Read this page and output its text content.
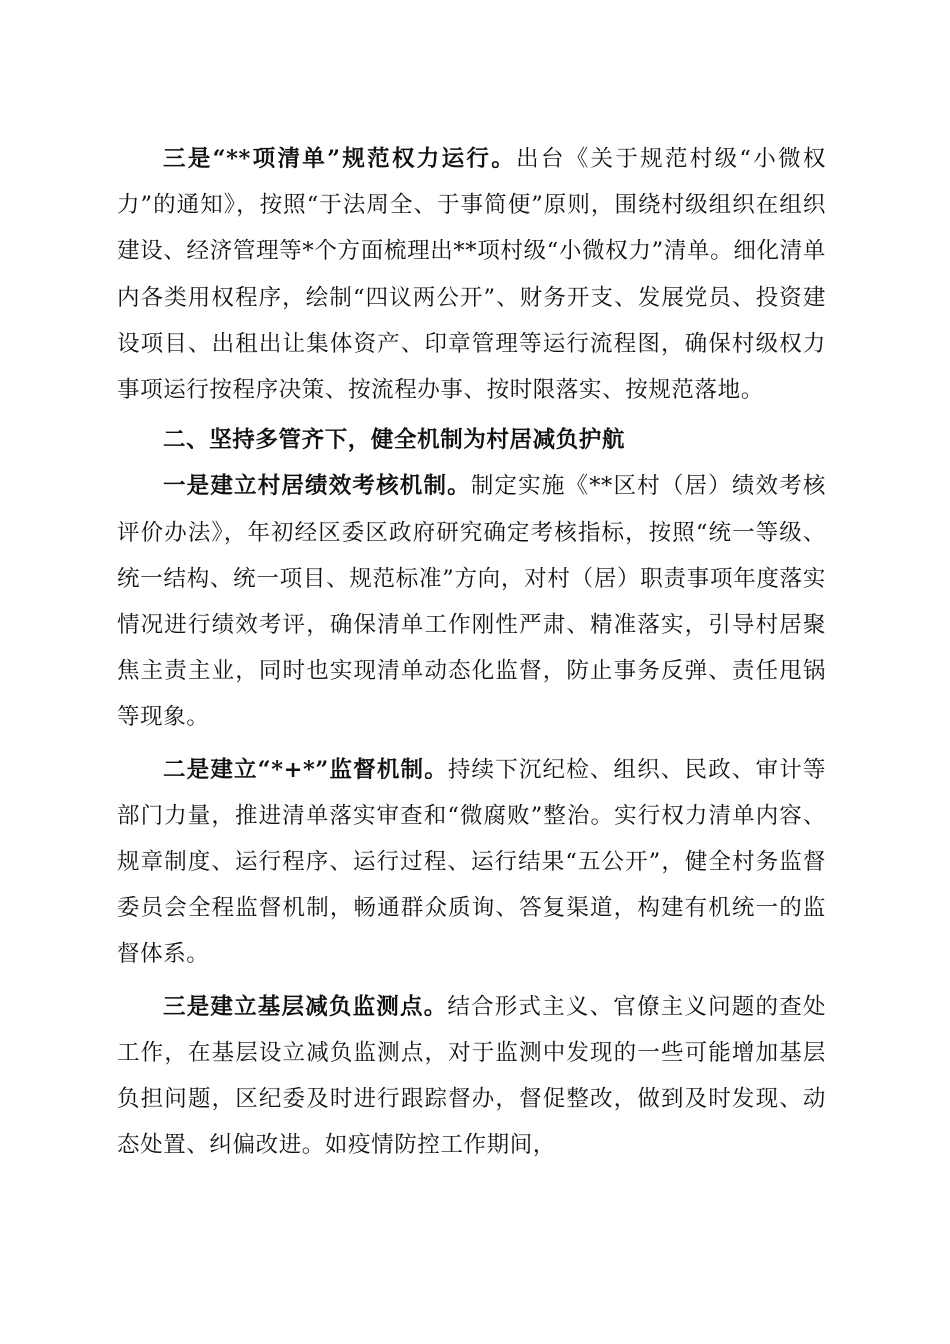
三是“**项清单”规范权力运行。出台《关于规范村级“小微权力”的通知》，按照“于法周全、于事简便”原则，围绕村级组织在组织建设、经济管理等*个方面梳理出**项村级“小微权力”清单。细化清单内各类用权程序，绘制“四议两公开”、财务开支、发展党员、投资建设项目、出租出让集体资产、印章管理等运行流程图，确保村级权力事项运行按程序决策、按流程办事、按时限落实、按规范落地。

二、坚持多管齐下，健全机制为村居减负护航

一是建立村居绩效考核机制。制定实施《**区村（居）绩效考核评价办法》，年初经区委区政府研究确定考核指标，按照“统一等级、统一结构、统一项目、规范标准”方向，对村（居）职责事项年度落实情况进行绩效考评，确保清单工作刚性严肃、精准落实，引导村居聚焦主责主业，同时也实现清单动态化监督，防止事务反弹、责任甩锅等现象。

二是建立“*+*”监督机制。持续下沉纪检、组织、民政、审计等部门力量，推进清单落实审查和“微腐败”整治。实行权力清单内容、规章制度、运行程序、运行过程、运行结果“五公开”，健全村务监督委员会全程监督机制，畅通群众质询、答复渠道，构建有机统一的监督体系。

三是建立基层减负监测点。结合形式主义、官僚主义问题的查处工作，在基层设立减负监测点，对于监测中发现的一些可能增加基层负担问题，区纪委及时进行跟踪督办，督促整改，做到及时发现、动态处置、纠偏改进。如疫情防控工作期间，
